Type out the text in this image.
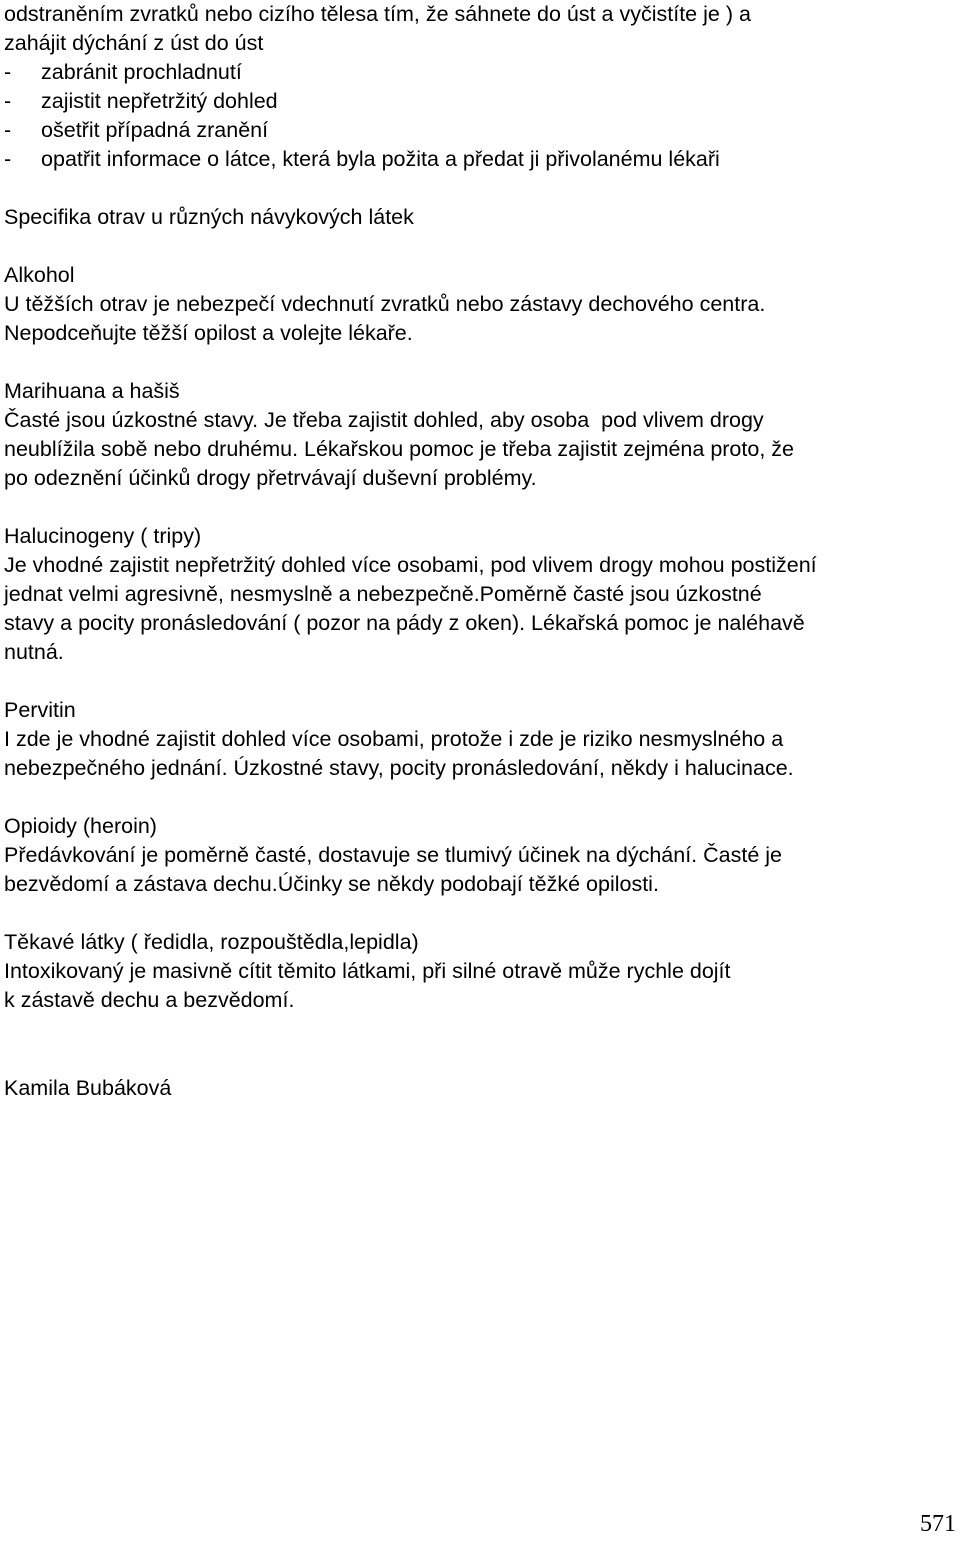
odstraněním zvratků nebo cizího tělesa tím, že sáhnete do úst a vyčistíte je ) a

zahájit dýchání z úst do úst

-     zabránit prochladnutí

-     zajistit nepřetržitý dohled

-     ošetřit případná zranění

-     opatřit informace o látce, která byla požita a předat ji přivolanému lékaři

Specifika otrav u různých návykových látek

Alkohol

U těžších otrav je nebezpečí vdechnutí zvratků nebo zástavy dechového centra.

Nepodceňujte těžší opilost a volejte lékaře.

Marihuana a hašiš

Časté jsou úzkostné stavy. Je třeba zajistit dohled, aby osoba  pod vlivem drogy

neublížila sobě nebo druhému. Lékařskou pomoc je třeba zajistit zejména proto, že

po odeznění účinků drogy přetrvávají duševní problémy.

Halucinogeny ( tripy)

Je vhodné zajistit nepřetržitý dohled více osobami, pod vlivem drogy mohou postižení

jednat velmi agresivně, nesmyslně a nebezpečně.Poměrně časté jsou úzkostné

stavy a pocity pronásledování ( pozor na pády z oken). Lékařská pomoc je naléhavě

nutná.

Pervitin

I zde je vhodné zajistit dohled více osobami, protože i zde je riziko nesmyslného a

nebezpečného jednání. Úzkostné stavy, pocity pronásledování, někdy i halucinace.

Opioidy (heroin)

Předávkování je poměrně časté, dostavuje se tlumivý účinek na dýchání. Časté je

bezvědomí a zástava dechu.Účinky se někdy podobají těžké opilosti.

Těkavé látky ( ředidla, rozpouštědla,lepidla)

Intoxikovaný je masivně cítit těmito látkami, při silné otravě může rychle dojít

k zástavě dechu a bezvědomí.

Kamila Bubáková

571
